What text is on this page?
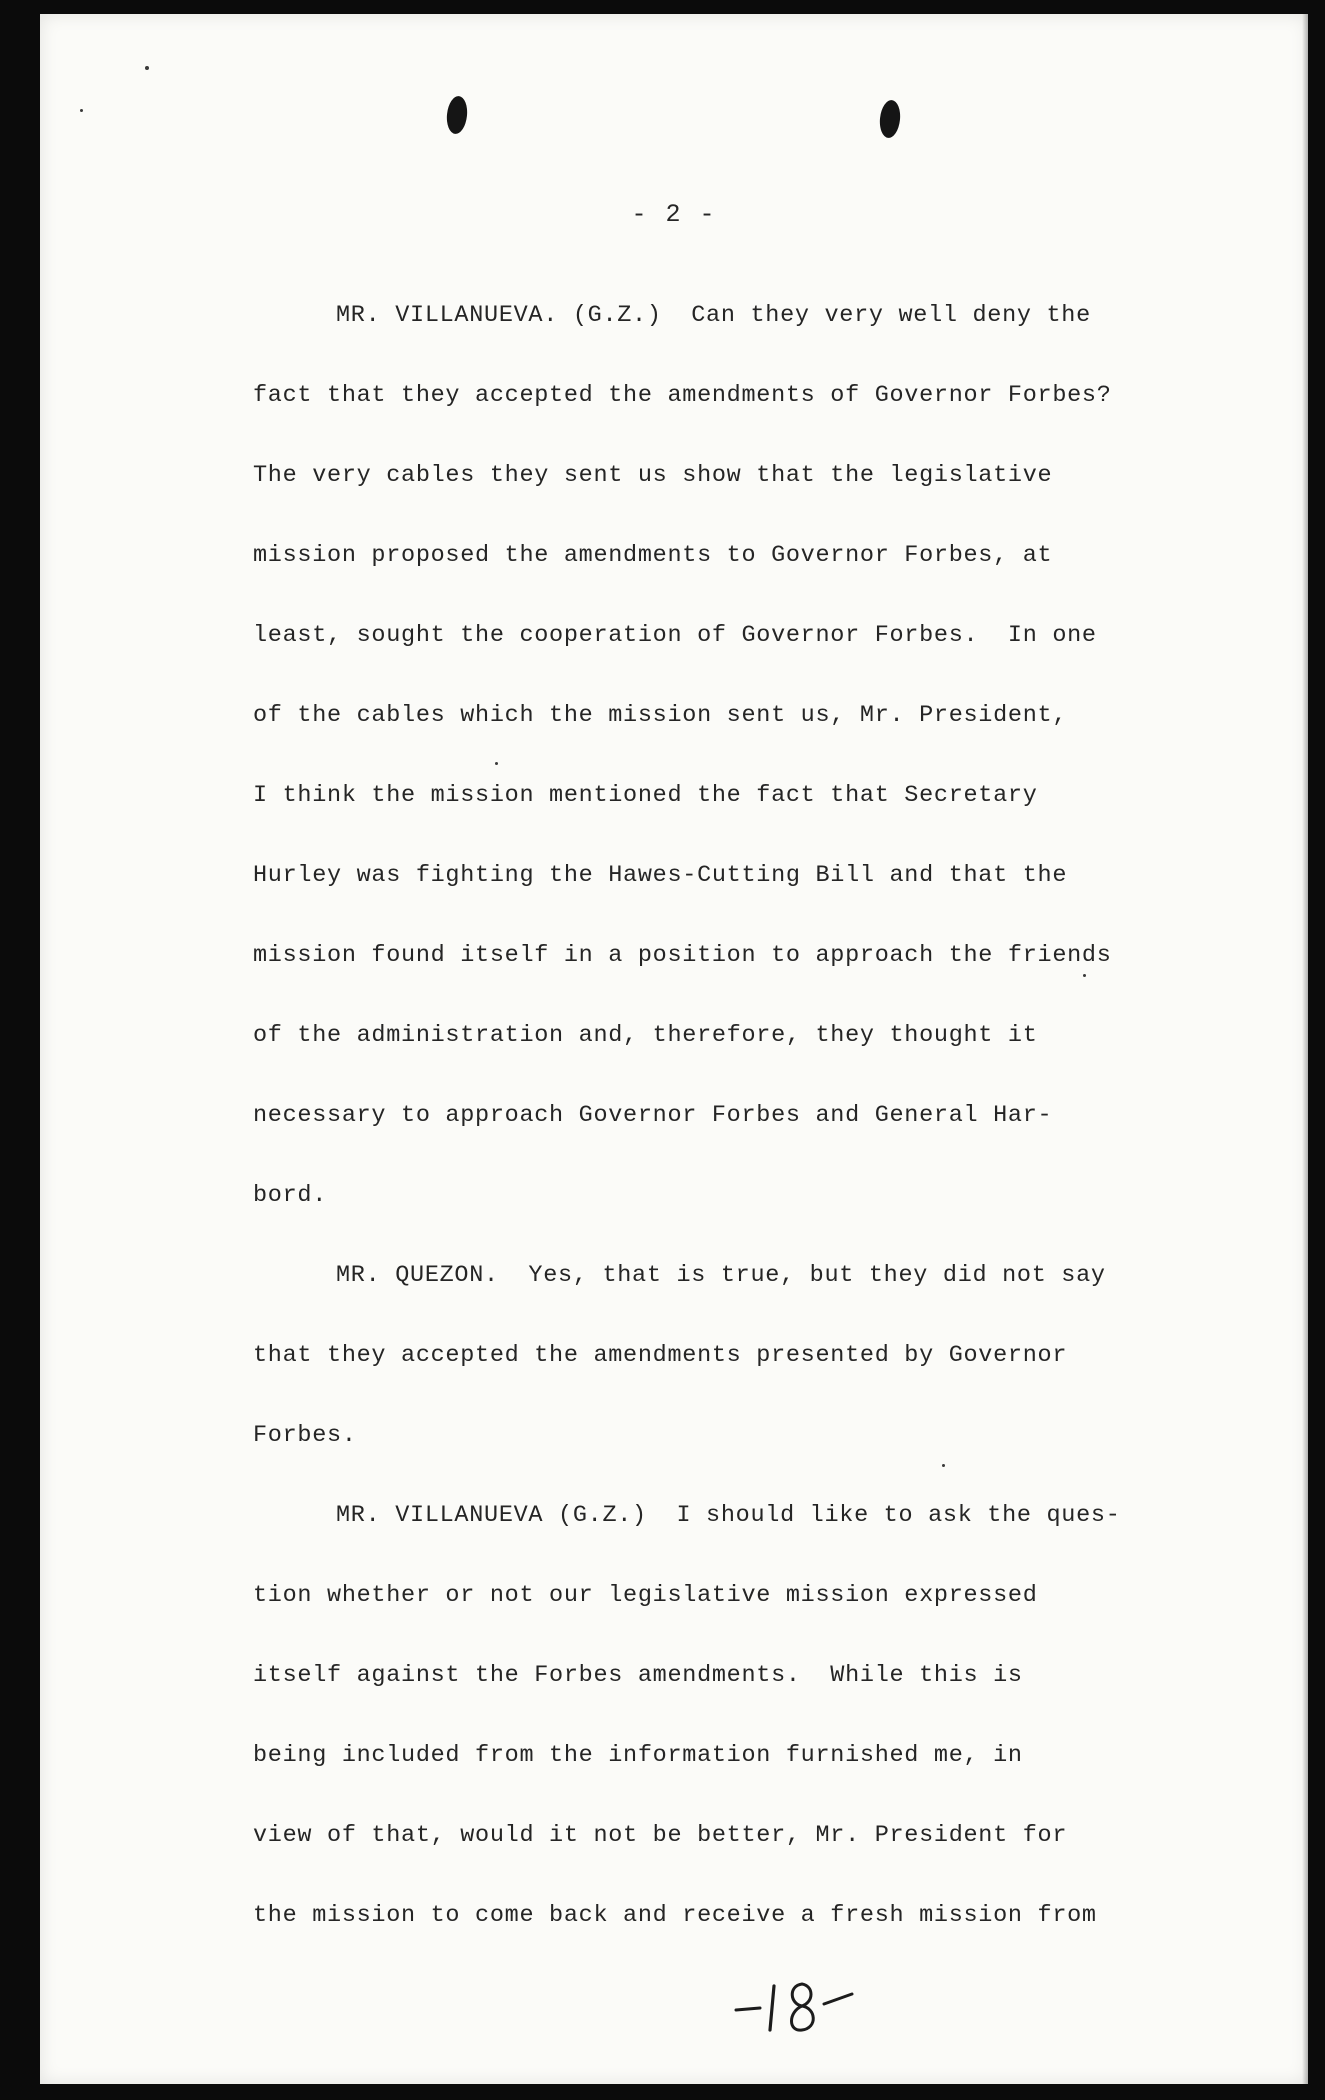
- 2 -
MR. VILLANUEVA. (G.Z.)  Can they very well deny the
fact that they accepted the amendments of Governor Forbes?
The very cables they sent us show that the legislative
mission proposed the amendments to Governor Forbes, at
least, sought the cooperation of Governor Forbes.  In one
of the cables which the mission sent us, Mr. President,
I think the mission mentioned the fact that Secretary
Hurley was fighting the Hawes-Cutting Bill and that the
mission found itself in a position to approach the friends
of the administration and, therefore, they thought it
necessary to approach Governor Forbes and General Har-
bord.
MR. QUEZON.  Yes, that is true, but they did not say
that they accepted the amendments presented by Governor
Forbes.
MR. VILLANUEVA (G.Z.)  I should like to ask the ques-
tion whether or not our legislative mission expressed
itself against the Forbes amendments.  While this is
being included from the information furnished me, in
view of that, would it not be better, Mr. President for
the mission to come back and receive a fresh mission from
